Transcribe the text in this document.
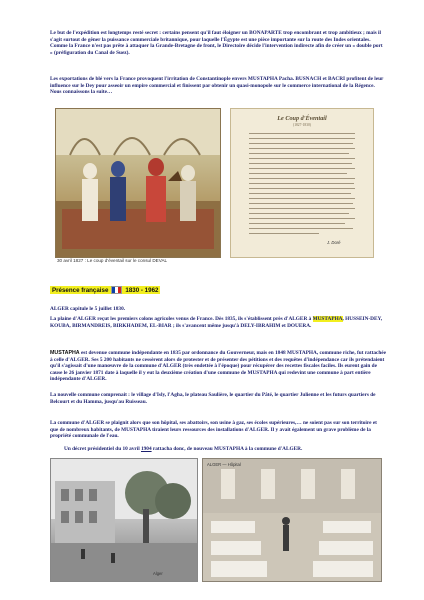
Le but de l'expédition est longtemps resté secret : certains pensent qu'il faut éloigner un BONAPARTE trop encombrant et trop ambitieux ; mais il s'agit surtout de gêner la puissance commerciale britannique, pour laquelle l'Égypte est une pièce importante sur la route des Indes orientales. Comme la France n'est pas prête à attaquer la Grande-Bretagne de front, le Directoire décide l'intervention indirecte afin de créer un « double port » (préfiguration du Canal de Suez).

Les exportations de blé vers la France provoquent l'irritation de Constantinople envers MUSTAPHA Pacha. BUSNACH et BACRI profitent de leur influence sur le Dey pour asseoir un empire commercial et finissent par obtenir un quasi-monopole sur le commerce international de la Régence. Nous connaissons la suite…

Le Coup d'Éventail
(1827-1830)
J. Doré
30 avril 1827 : Le coup d'éventail sur le consul DEVAL
Présence française	1830 - 1962

ALGER capitule le 5 juillet 1830.

La plaine d'ALGER reçut les premiers colons agricoles venus de France. Dès 1835, ils s'établissent près d'ALGER à MUSTAPHA, HUSSEIN-DEY, KOUBA, BIRMANDREIS, BIRKHADEM, EL-BIAR ; ils s'avancent même jusqu'à DELY-IBRAHIM et DOUERA.

MUSTAPHA est devenue commune indépendante en 1835 par ordonnance du Gouverneur, mais en 1848 MUSTAPHA, commune riche, fut rattachée à celle d'ALGER. Ses 5 200 habitants ne cessèrent alors de protester et de présenter des pétitions et des requêtes d'indépendance car ils prétendaient qu'il s'agissait d'une manœuvre de la commune d'ALGER (très endettée à l'époque) pour récupérer des recettes fiscales faciles. Ils eurent gain de cause le 26 janvier 1871 date à laquelle il y eut la deuxième création d'une commune de MUSTAPHA qui redevint une commune à part entière indépendante d'ALGER.

La nouvelle commune comprenait : le village d'Isly, l'Agha, le plateau Saulière, le quartier du Pâté, le quartier Julienne et les futurs quartiers de Belcourt et du Hamma, jusqu'au Ruisseau.

La commune d'ALGER se plaignit alors que son hôpital, ses abattoirs, son usine à gaz, ses écoles supérieures,… ne soient pas sur son territoire et que de nombreux habitants, de MUSTAPHA tiraient leurs ressources des installations d'ALGER. Il y avait également un grave problème de la propriété communale de l'eau.

Un décret présidentiel du 10 avril 1904 rattacha donc, de nouveau MUSTAPHA à la commune d'ALGER.

Alger
ALGER — Hôpital
